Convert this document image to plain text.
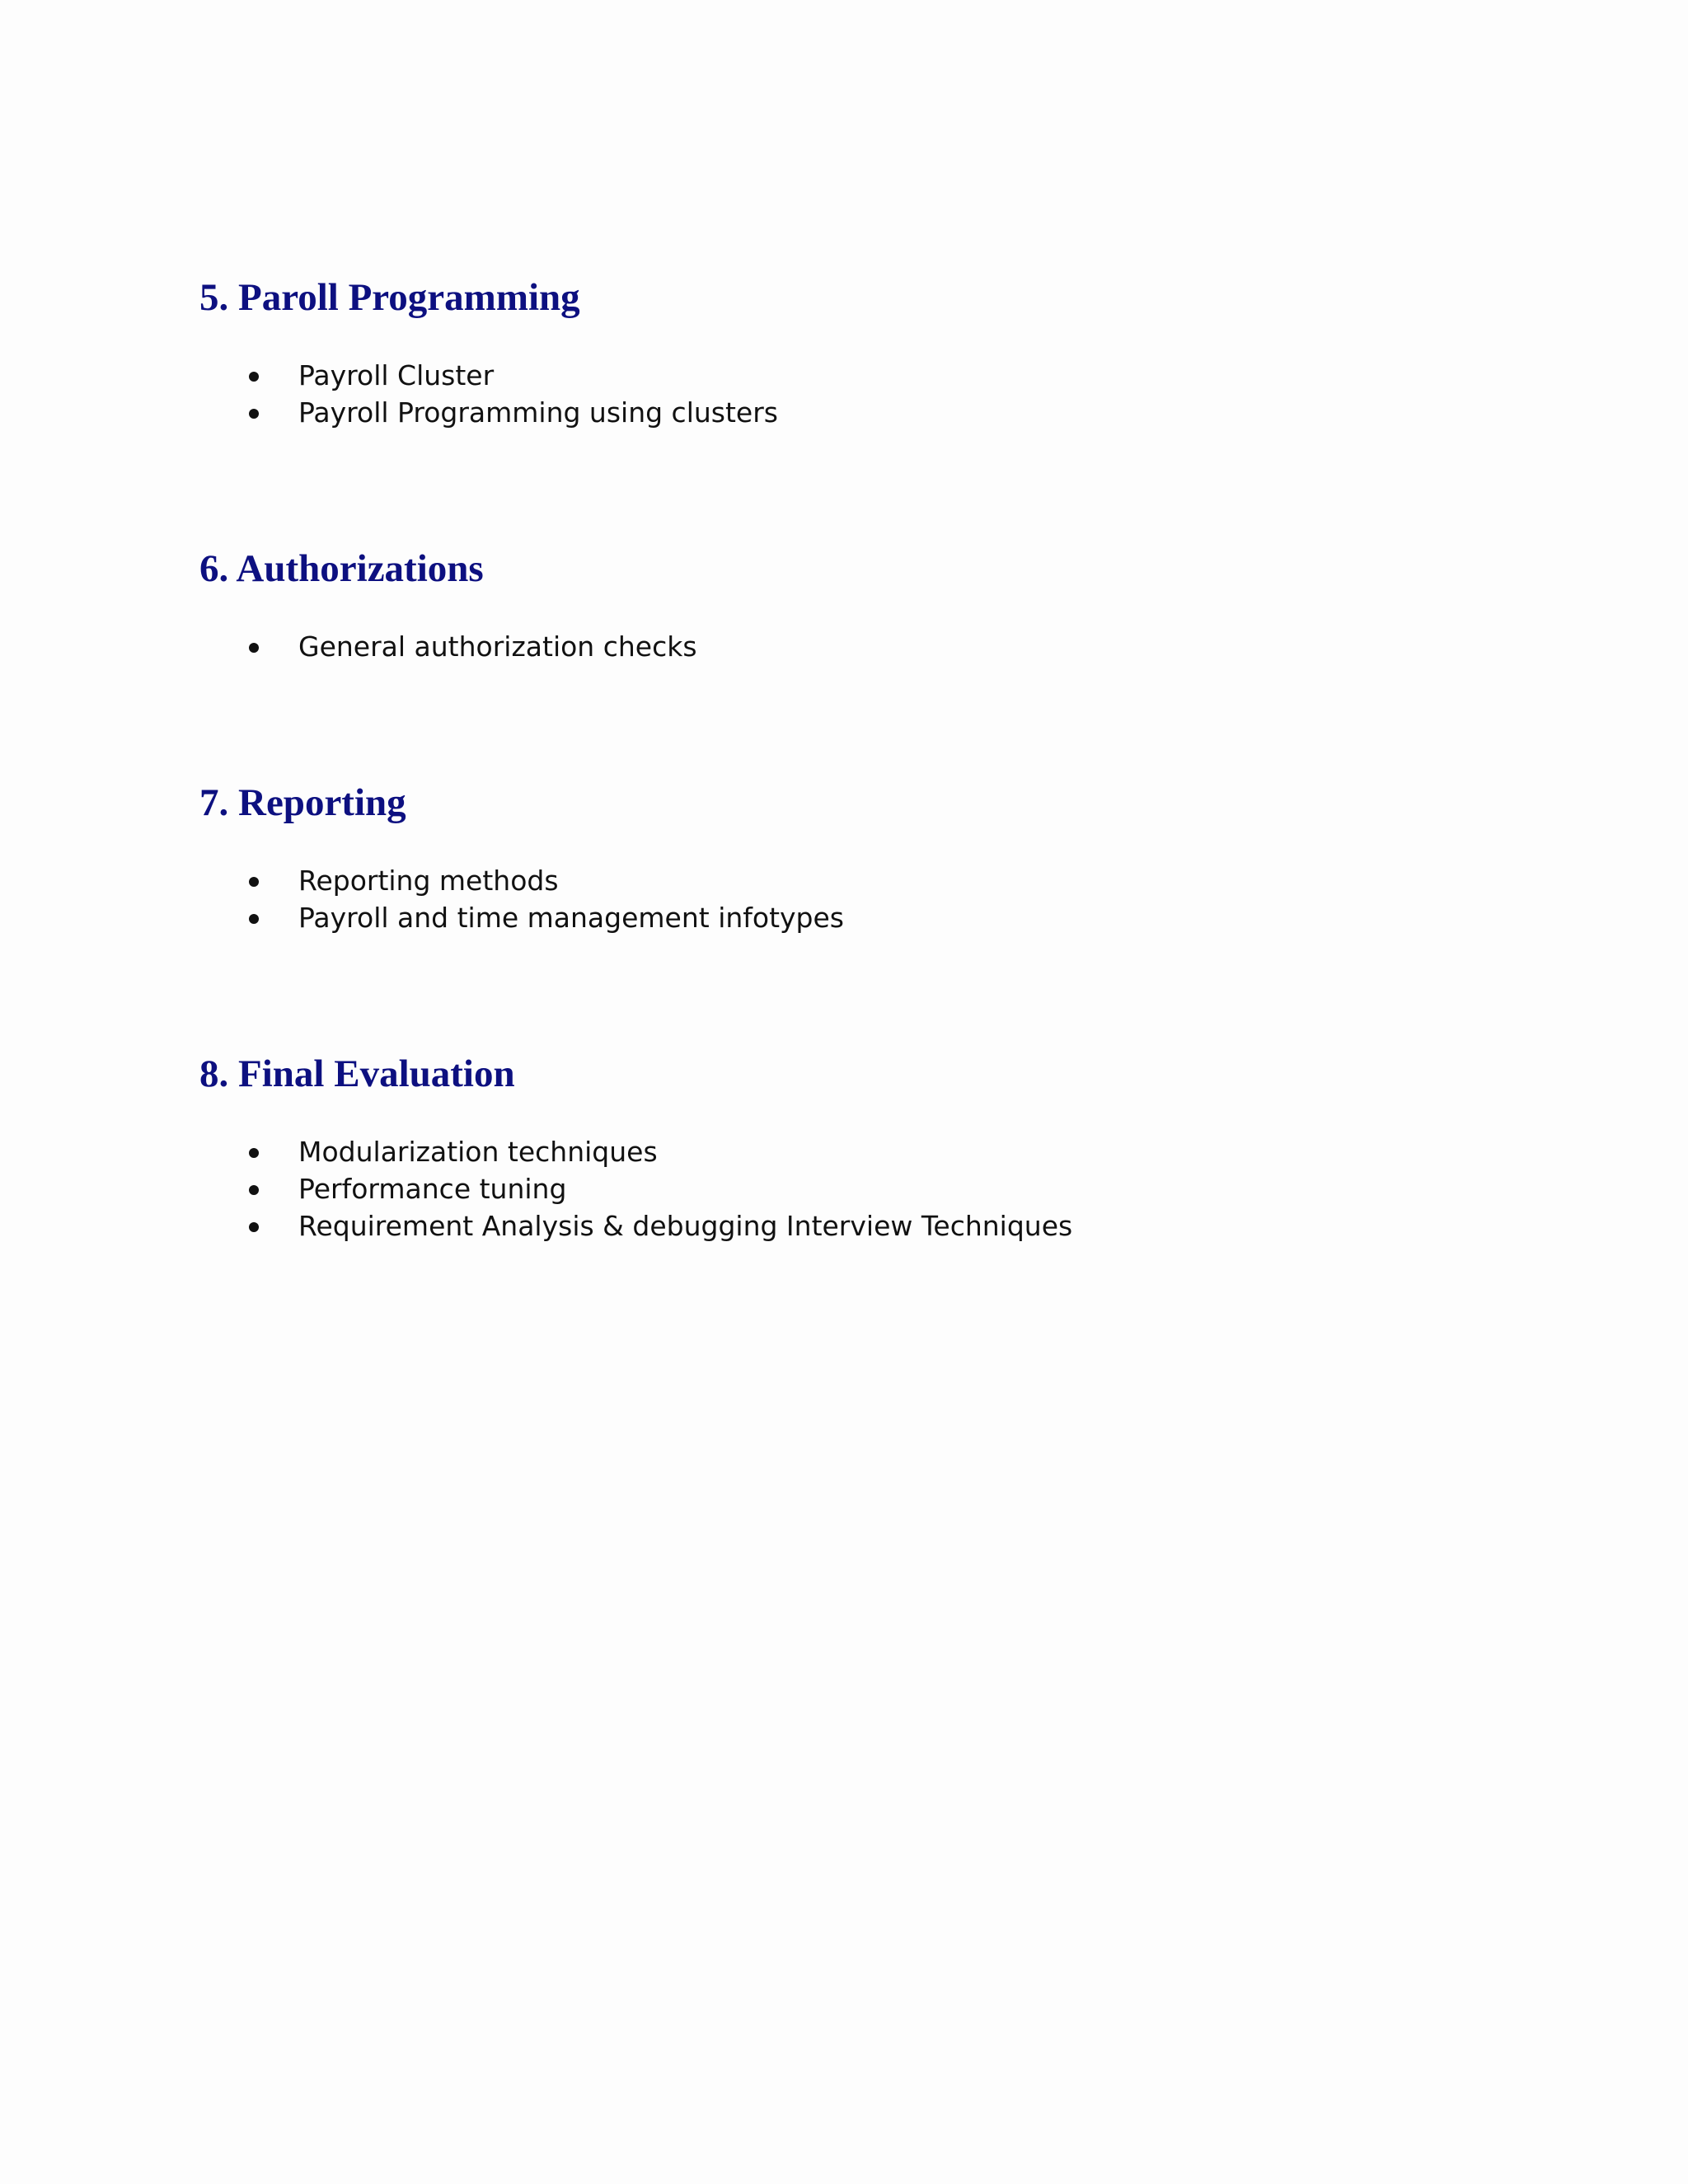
5. Paroll Programming
Payroll Cluster
Payroll Programming using clusters
6. Authorizations
General authorization checks
7. Reporting
Reporting methods
Payroll and time management infotypes
8. Final Evaluation
Modularization techniques
Performance tuning
Requirement Analysis & debugging Interview Techniques
